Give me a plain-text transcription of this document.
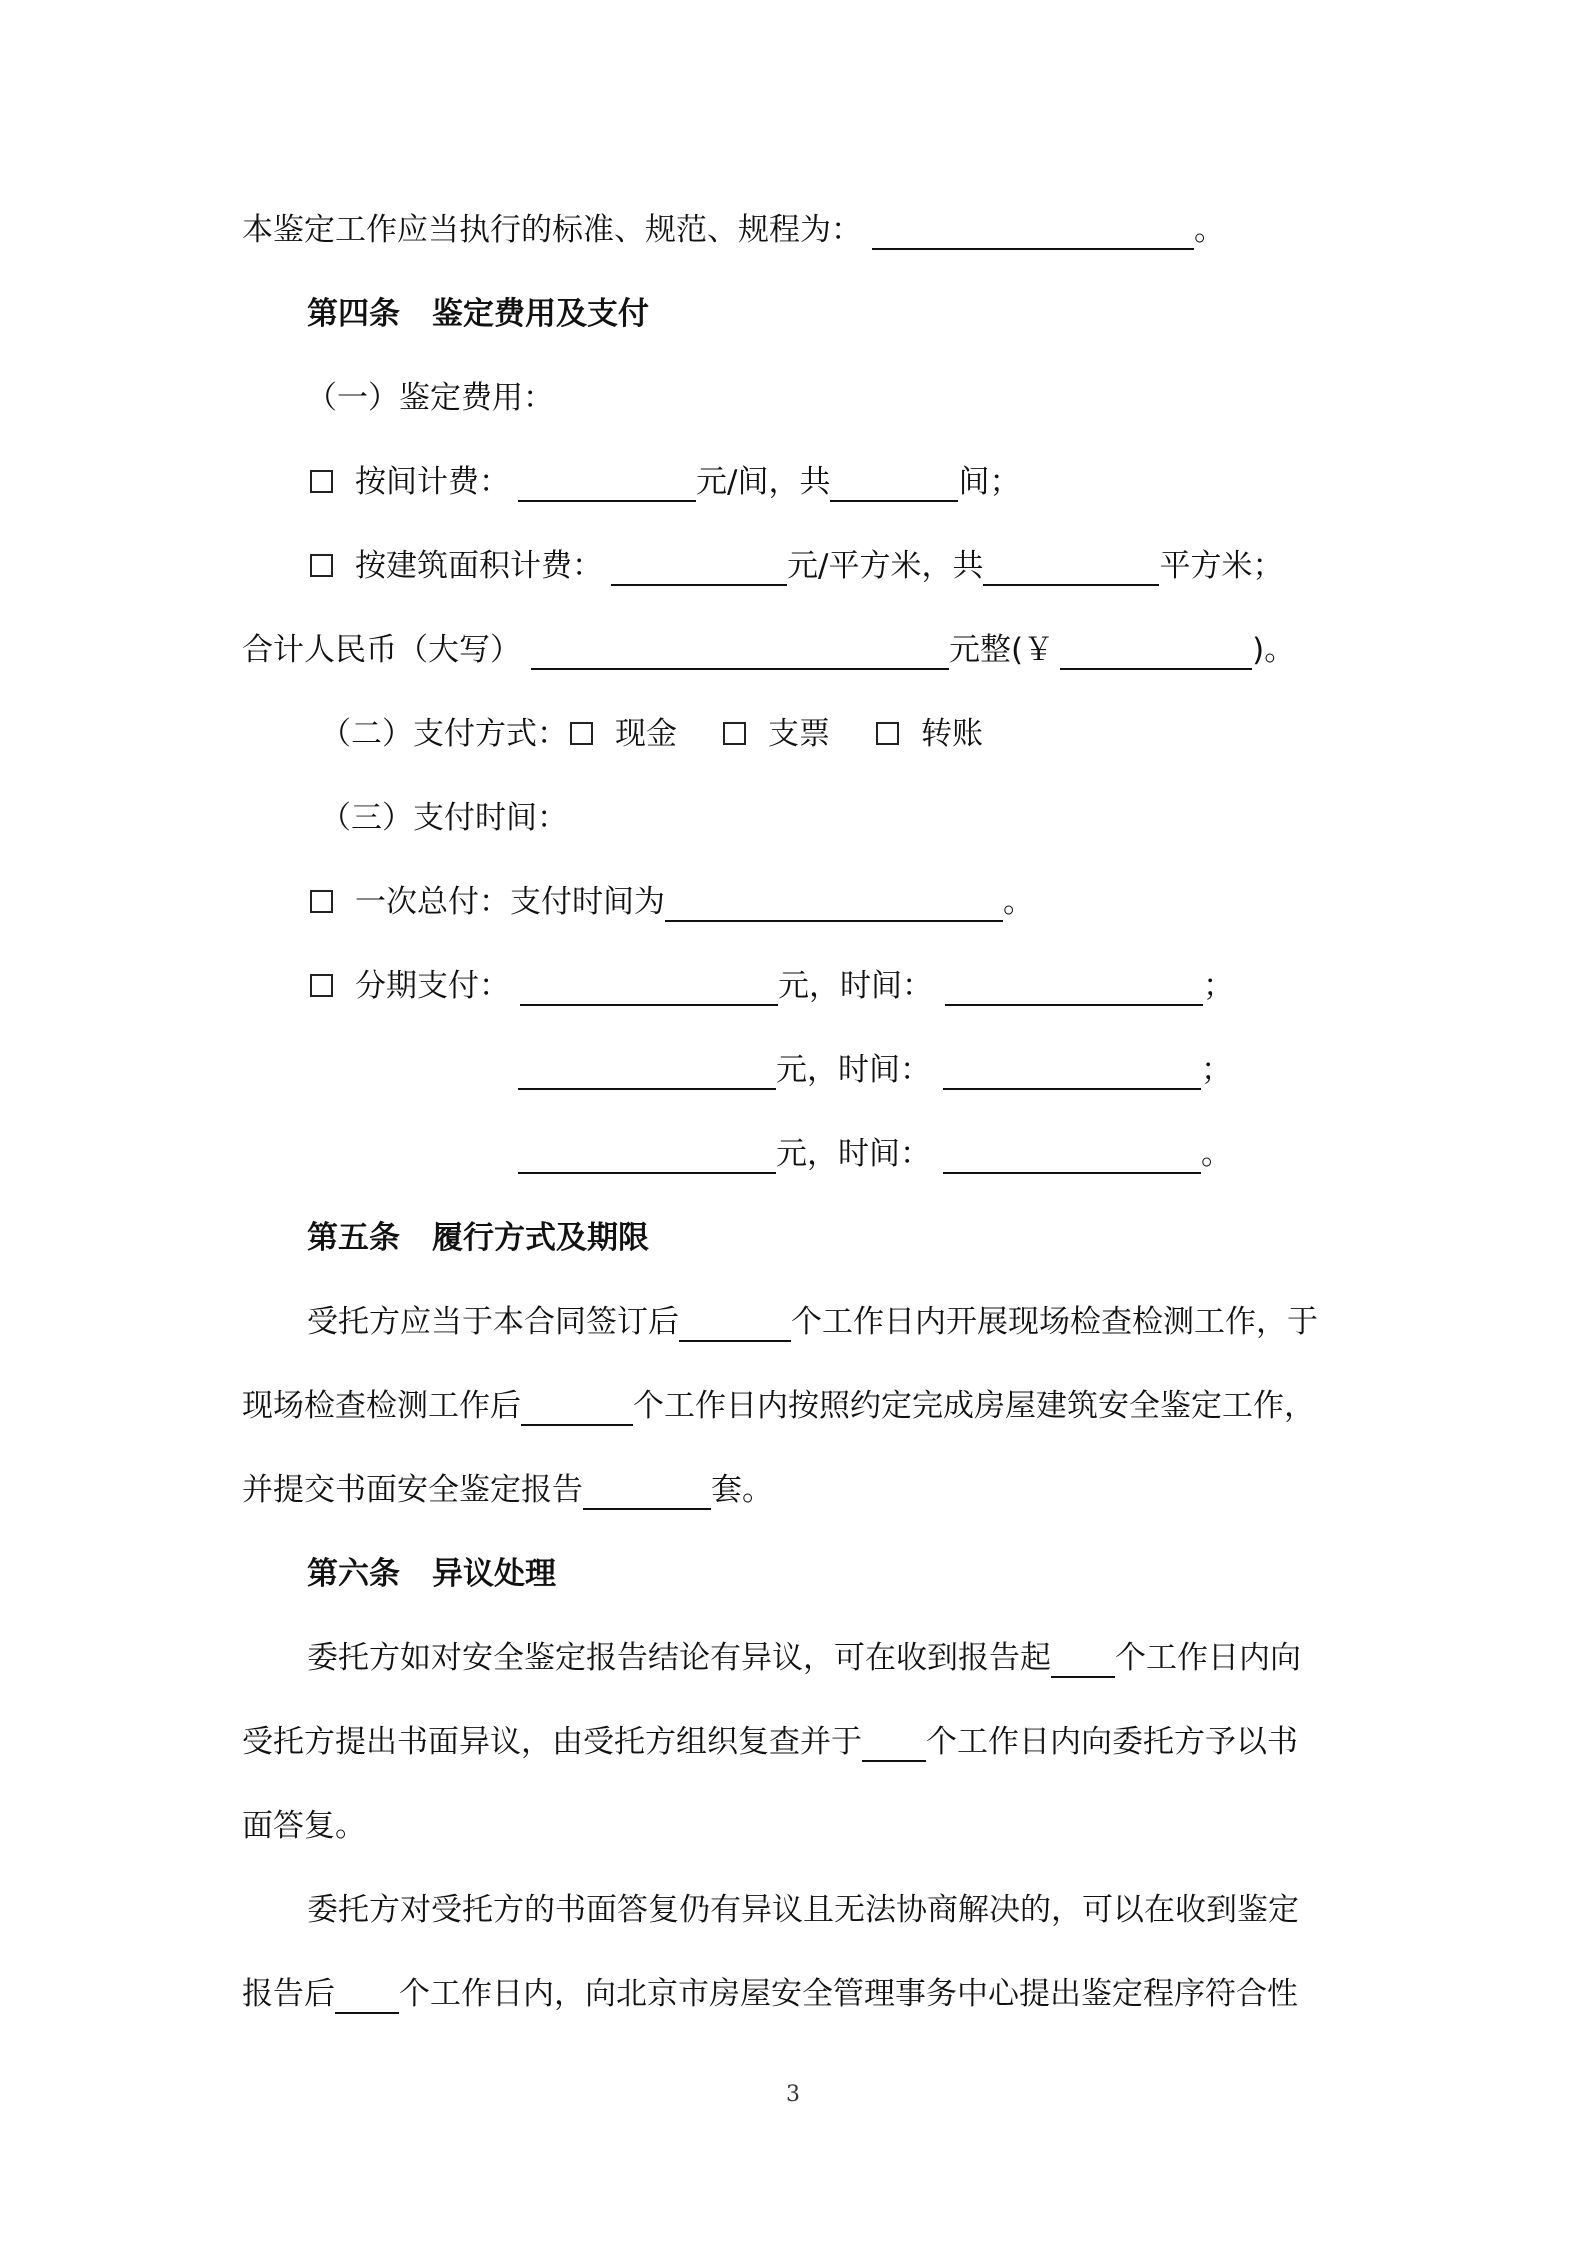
本鉴定工作应当执行的标准、规范、规程为：	。
第四条 鉴定费用及支付
（一）鉴定费用：
按间计费：	元/间，共	间；
按建筑面积计费：	元/平方米，共	平方米；
合计人民币（大写）	元整(￥	)。
（二）支付方式： 现金	支票	转账
（三）支付时间：
一次总付：支付时间为	。
分期支付：	元，时间：	；
元，时间：	；
元，时间：	。
第五条 履行方式及期限
受托方应当于本合同签订后	个工作日内开展现场检查检测工作，于
现场检查检测工作后	个工作日内按照约定完成房屋建筑安全鉴定工作，
并提交书面安全鉴定报告	套。
第六条 异议处理
委托方如对安全鉴定报告结论有异议，可在收到报告起 个工作日内向
受托方提出书面异议，由受托方组织复查并于 个工作日内向委托方予以书
面答复。
委托方对受托方的书面答复仍有异议且无法协商解决的，可以在收到鉴定
报告后 个工作日内，向北京市房屋安全管理事务中心提出鉴定程序符合性
3
